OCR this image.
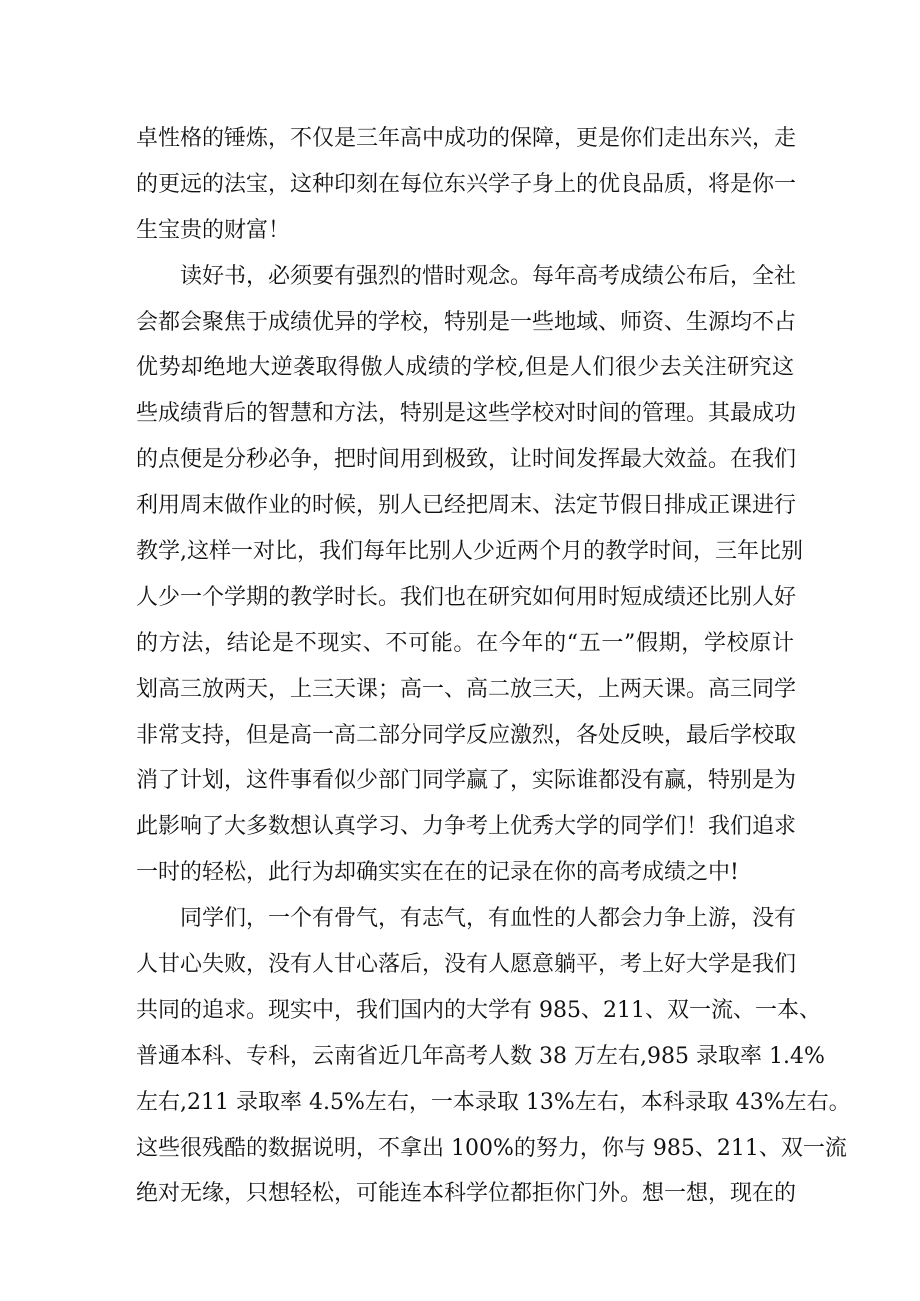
卓性格的锤炼，不仅是三年高中成功的保障，更是你们走出东兴，走
的更远的法宝，这种印刻在每位东兴学子身上的优良品质，将是你一
生宝贵的财富！
读好书，必须要有强烈的惜时观念。每年高考成绩公布后，全社
会都会聚焦于成绩优异的学校，特别是一些地域、师资、生源均不占
优势却绝地大逆袭取得傲人成绩的学校,但是人们很少去关注研究这
些成绩背后的智慧和方法，特别是这些学校对时间的管理。其最成功
的点便是分秒必争，把时间用到极致，让时间发挥最大效益。在我们
利用周末做作业的时候，别人已经把周末、法定节假日排成正课进行
教学,这样一对比，我们每年比别人少近两个月的教学时间，三年比别
人少一个学期的教学时长。我们也在研究如何用时短成绩还比别人好
的方法，结论是不现实、不可能。在今年的“五一”假期，学校原计
划高三放两天，上三天课；高一、高二放三天，上两天课。高三同学
非常支持，但是高一高二部分同学反应激烈，各处反映，最后学校取
消了计划，这件事看似少部门同学赢了，实际谁都没有赢，特别是为
此影响了大多数想认真学习、力争考上优秀大学的同学们！我们追求
一时的轻松，此行为却确实实在在的记录在你的高考成绩之中!
同学们，一个有骨气，有志气，有血性的人都会力争上游，没有
人甘心失败，没有人甘心落后，没有人愿意躺平，考上好大学是我们
共同的追求。现实中，我们国内的大学有 985、211、双一流、一本、
普通本科、专科，云南省近几年高考人数 38 万左右,985 录取率 1.4%
左右,211 录取率 4.5%左右，一本录取 13%左右，本科录取 43%左右。
这些很残酷的数据说明，不拿出 100%的努力，你与 985、211、双一流
绝对无缘，只想轻松，可能连本科学位都拒你门外。想一想，现在的
